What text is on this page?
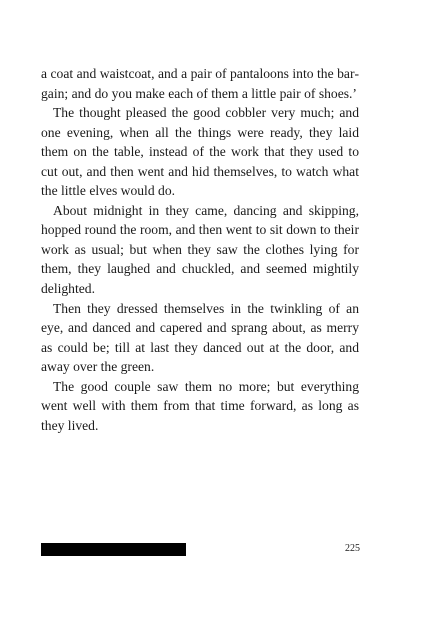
a coat and waistcoat, and a pair of pantaloons into the bargain; and do you make each of them a little pair of shoes.’

The thought pleased the good cobbler very much; and one evening, when all the things were ready, they laid them on the table, instead of the work that they used to cut out, and then went and hid themselves, to watch what the little elves would do.

About midnight in they came, dancing and skipping, hopped round the room, and then went to sit down to their work as usual; but when they saw the clothes lying for them, they laughed and chuckled, and seemed mightily delighted.

Then they dressed themselves in the twinkling of an eye, and danced and capered and sprang about, as merry as could be; till at last they danced out at the door, and away over the green.

The good couple saw them no more; but everything went well with them from that time forward, as long as they lived.

225
